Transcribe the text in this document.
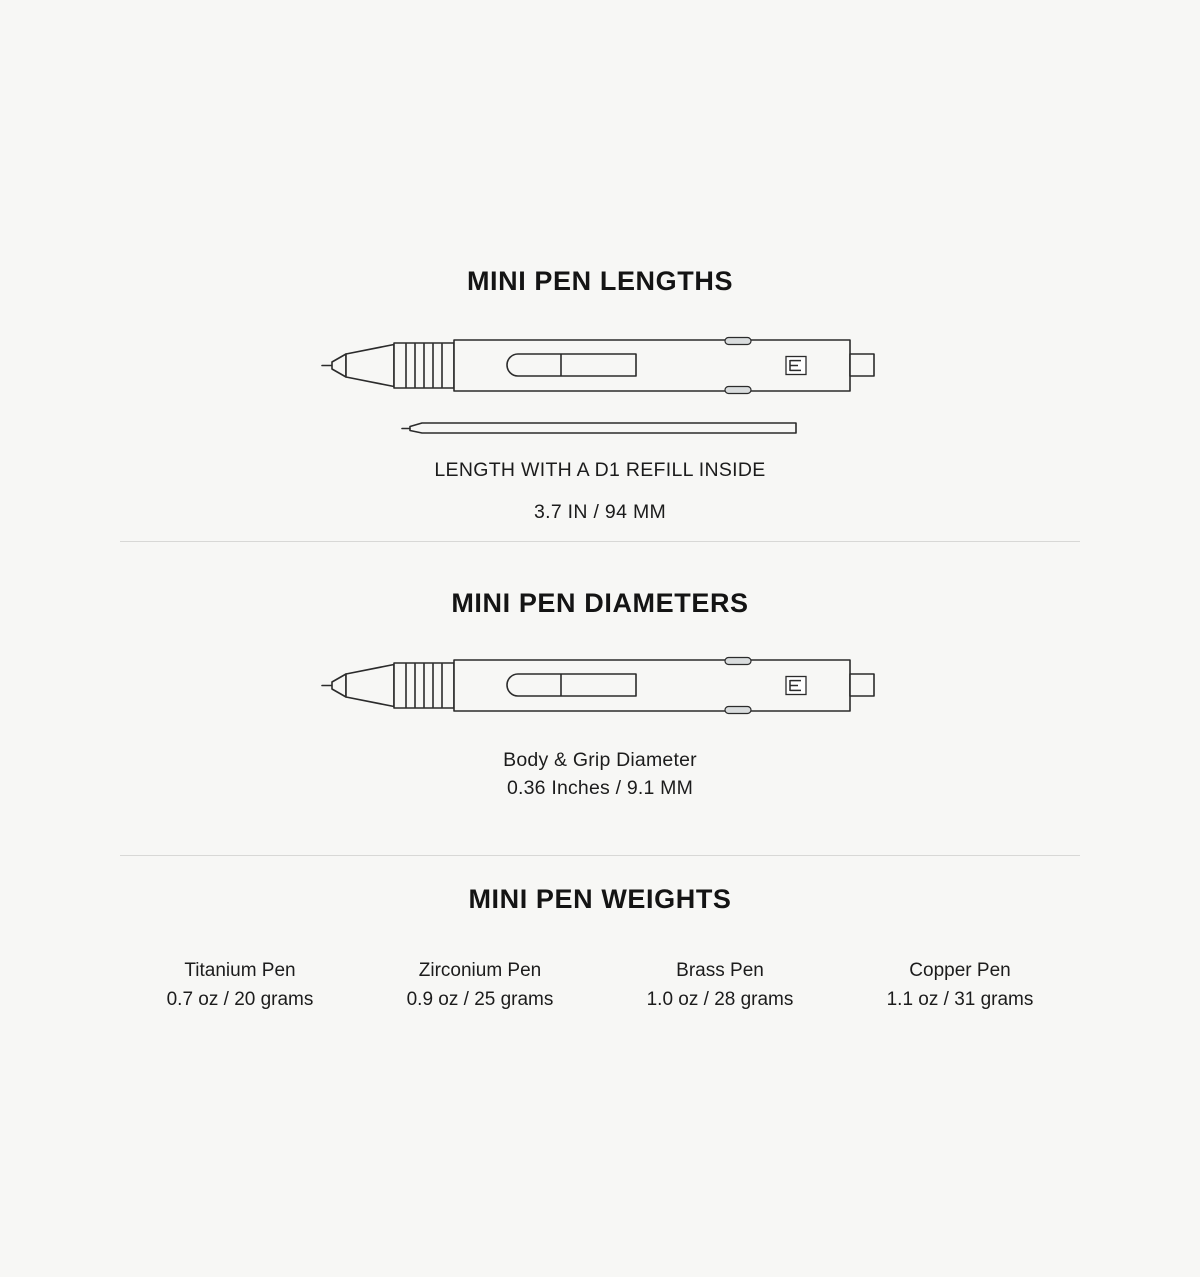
MINI PEN LENGTHS
LENGTH WITH A D1 REFILL INSIDE
3.7 IN / 94 MM
MINI PEN DIAMETERS
Body & Grip Diameter
0.36 Inches / 9.1 MM
MINI PEN WEIGHTS
Titanium Pen
0.7 oz / 20 grams
Zirconium Pen
0.9 oz / 25 grams
Brass Pen
1.0 oz / 28 grams
Copper Pen
1.1 oz / 31 grams
